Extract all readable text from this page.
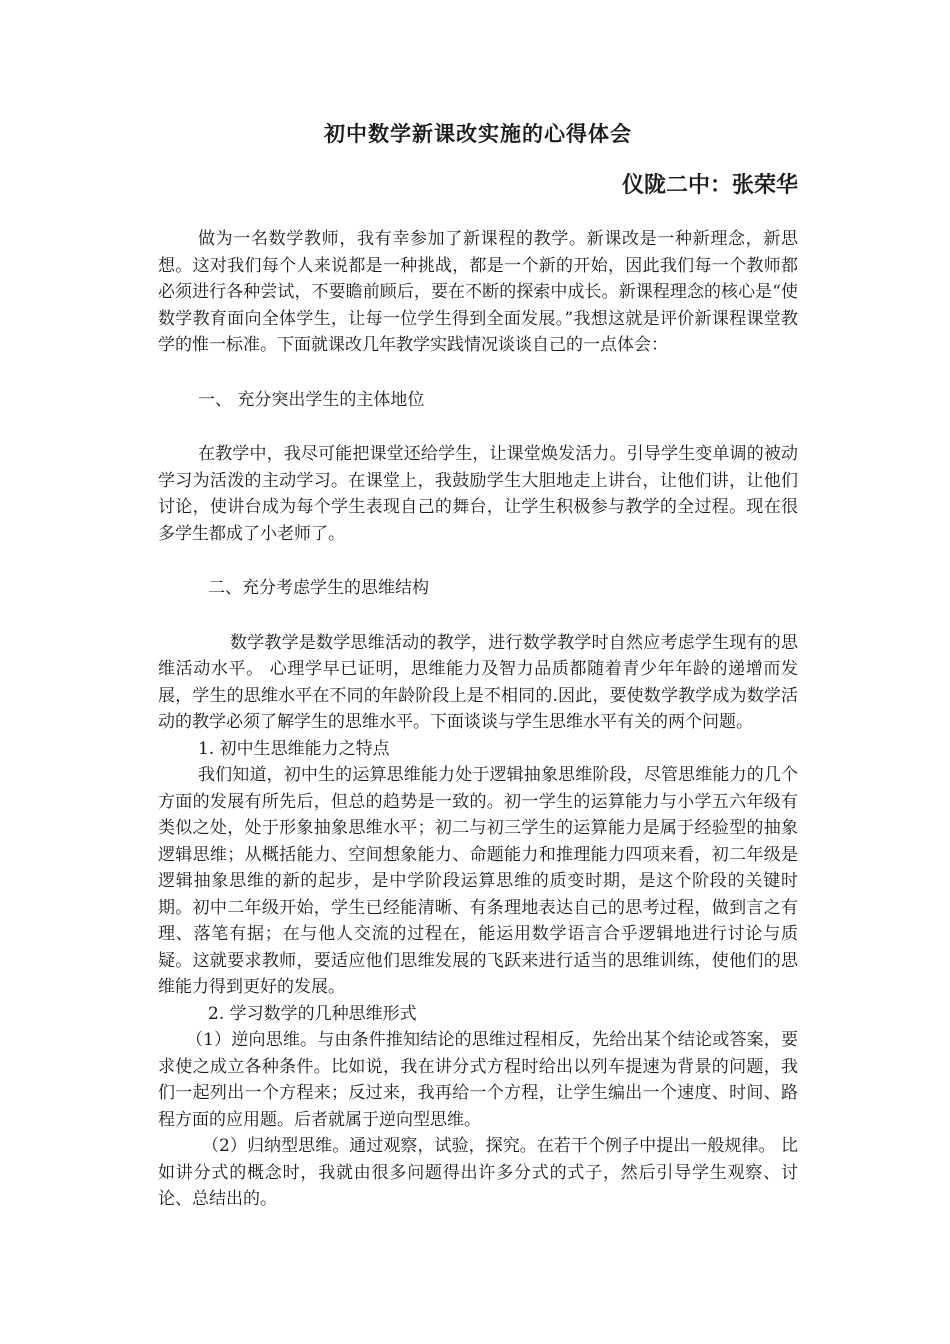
初中数学新课改实施的心得体会
仪陇二中：张荣华

做为一名数学教师，我有幸参加了新课程的教学。新课改是一种新理念，新思想。这对我们每个人来说都是一种挑战，都是一个新的开始，因此我们每一个教师都必须进行各种尝试，不要瞻前顾后，要在不断的探索中成长。新课程理念的核心是“使数学教育面向全体学生，让每一位学生得到全面发展。”我想这就是评价新课程课堂教学的惟一标准。下面就课改几年教学实践情况谈谈自己的一点体会：

一、 充分突出学生的主体地位

在教学中，我尽可能把课堂还给学生，让课堂焕发活力。引导学生变单调的被动学习为活泼的主动学习。在课堂上，我鼓励学生大胆地走上讲台，让他们讲，让他们讨论，使讲台成为每个学生表现自己的舞台，让学生积极参与教学的全过程。现在很多学生都成了小老师了。

二、充分考虑学生的思维结构

数学教学是数学思维活动的教学，进行数学教学时自然应考虑学生现有的思维活动水平。 心理学早已证明，思维能力及智力品质都随着青少年年龄的递增而发展，学生的思维水平在不同的年龄阶段上是不相同的.因此，要使数学教学成为数学活动的教学必须了解学生的思维水平。下面谈谈与学生思维水平有关的两个问题。

1. 初中生思维能力之特点

我们知道，初中生的运算思维能力处于逻辑抽象思维阶段，尽管思维能力的几个方面的发展有所先后，但总的趋势是一致的。初一学生的运算能力与小学五六年级有类似之处，处于形象抽象思维水平；初二与初三学生的运算能力是属于经验型的抽象逻辑思维；从概括能力、空间想象能力、命题能力和推理能力四项来看，初二年级是逻辑抽象思维的新的起步，是中学阶段运算思维的质变时期，是这个阶段的关键时期。初中二年级开始，学生已经能清晰、有条理地表达自己的思考过程，做到言之有理、落笔有据；在与他人交流的过程在，能运用数学语言合乎逻辑地进行讨论与质疑。这就要求教师，要适应他们思维发展的飞跃来进行适当的思维训练，使他们的思维能力得到更好的发展。

2. 学习数学的几种思维形式

（1）逆向思维。与由条件推知结论的思维过程相反，先给出某个结论或答案，要求使之成立各种条件。比如说，我在讲分式方程时给出以列车提速为背景的问题，我们一起列出一个方程来；反过来，我再给一个方程，让学生编出一个速度、时间、路程方面的应用题。后者就属于逆向型思维。

（2）归纳型思维。通过观察，试验，探究。在若干个例子中提出一般规律。 比如讲分式的概念时，我就由很多问题得出许多分式的式子，然后引导学生观察、讨论、总结出的。
